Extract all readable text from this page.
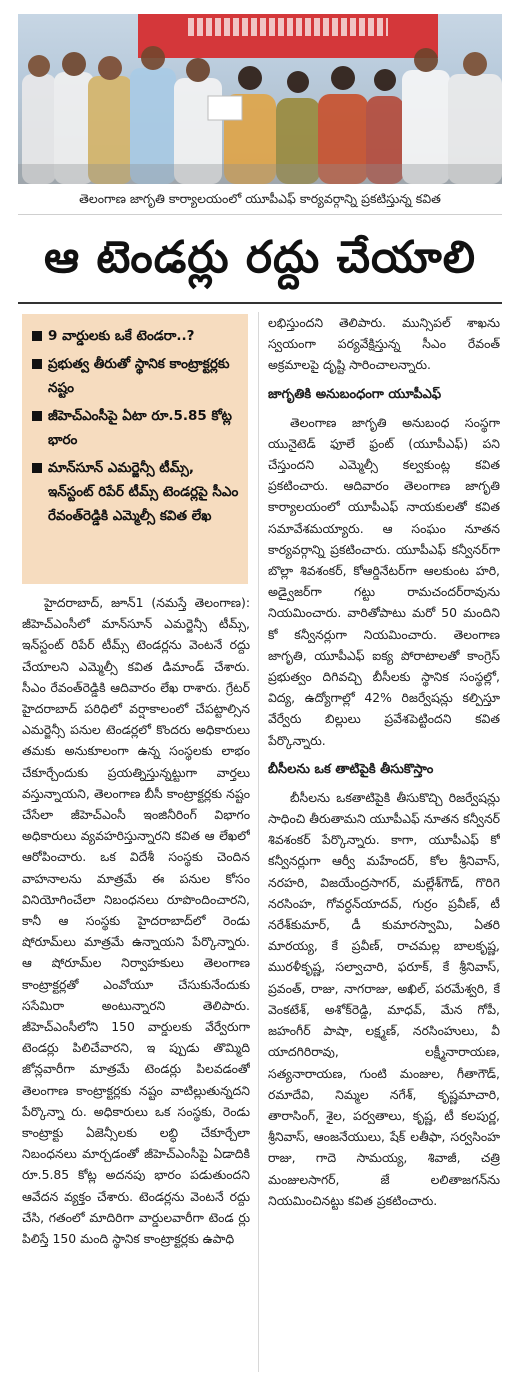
తెలంగాణ జాగృతి కార్యాలయంలో యూపీఎఫ్ కార్యవర్గాన్ని ప్రకటిస్తున్న కవిత
ఆ టెండర్లు రద్దు చేయాలి
9 వార్డులకు ఒకే టెండరా..?
ప్రభుత్వ తీరుతో స్థానిక కాంట్రాక్టర్లకు నష్టం
జీహెచ్ఎంసీపై ఏటా రూ.5.85 కోట్ల భారం
మాన్‌సూన్ ఎమర్జెన్సీ టీమ్స్, ఇన్‌స్టంట్ రిపేర్ టీమ్స్ టెండర్లపై సీఎం రేవంత్‌రెడ్డికి ఎమ్మెల్సీ కవిత లేఖ

హైదరాబాద్, జూన్1 (నమస్తే తెలంగాణ): జీహెచ్ఎంసీలో మాన్‌సూన్ ఎమర్జెన్సీ టీమ్స్, ఇన్‌స్టంట్ రిపేర్ టీమ్స్ టెండర్లను వెంటనే రద్దు చేయాలని ఎమ్మెల్సీ కవిత డిమాండ్ చేశారు. సీఎం రేవంత్‌రెడ్డికి ఆదివారం లేఖ రాశారు. గ్రేటర్ హైదరాబాద్ పరిధిలో వర్షాకాలంలో చేపట్టాల్సిన ఎమర్జెన్సీ పనుల టెండర్లలో కొందరు అధికారులు తమకు అనుకూలంగా ఉన్న సంస్థలకు లాభం చేకూర్చేందుకు ప్రయత్నిస్తున్నట్టుగా వార్తలు వస్తున్నాయని, తెలంగాణ బీసీ కాంట్రాక్టర్లకు నష్టం చేసేలా జీహెచ్ఎంసీ ఇంజినీరింగ్ విభాగం అధికారులు వ్యవహరిస్తున్నారని కవిత ఆ లేఖలో ఆరోపించారు. ఒక విదేశీ సంస్థకు చెందిన వాహనాలను మాత్రమే ఈ పనుల కోసం వినియోగించేలా నిబంధనలు రూపొందించారని, కానీ ఆ సంస్థకు హైదరాబాద్‌లో రెండు షోరూమ్‌లు మాత్రమే ఉన్నాయని పేర్కొన్నారు. ఆ షోరూమ్‌ల నిర్వాహకులు తెలంగాణ కాంట్రాక్టర్లతో ఎంవోయూ చేసుకునేందుకు ససేమిరా అంటున్నారని తెలిపారు. జీహెచ్ఎంసీలోని 150 వార్డులకు వేర్వేరుగా టెండర్లు పిలిచేవారని, ఇ ప్పుడు తొమ్మిది జోన్లవారీగా మాత్రమే టెండర్లు పిలవడంతో తెలంగాణ కాంట్రాక్టర్లకు నష్టం వాటిల్లుతున్నదని పేర్కొన్నా రు. అధికారులు ఒక సంస్థకు, రెండు కాంట్రాక్టు ఏజెన్సీలకు లబ్ధి చేకూర్చేలా నిబంధనలు మార్చడంతో జీహెచ్ఎంసీపై ఏడాదికి రూ.5.85 కోట్ల అదనపు భారం పడుతుందని ఆవేదన వ్యక్తం చేశారు. టెండర్లను వెంటనే రద్దు చేసి, గతంలో మాదిరిగా వార్డులవారీగా టెండ ర్లు పిలిస్తే 150 మంది స్థానిక కాంట్రాక్టర్లకు ఉపాధి

లభిస్తుందని తెలిపారు. మున్సిపల్ శాఖను స్వయంగా పర్యవేక్షిస్తున్న సీఎం రేవంత్ అక్రమాలపై దృష్టి సారించాలన్నారు.

జాగృతికి అనుబంధంగా యూపీఎఫ్

తెలంగాణ జాగృతి అనుబంధ సంస్థగా యునైటెడ్ ఫూలే ఫ్రంట్ (యూపీఎఫ్) పని చేస్తుందని ఎమ్మెల్సీ కల్వకుంట్ల కవిత ప్రకటించారు. ఆదివారం తెలంగాణ జాగృతి కార్యాలయంలో యూపీఎఫ్ నాయకులతో కవిత సమావేశమయ్యారు. ఆ సంఘం నూతన కార్యవర్గాన్ని ప్రకటించారు. యూపీఎఫ్ కన్వీనర్‌గా బొల్లా శివశంకర్, కోఆర్డినేటర్‌గా ఆలకుంట హరి, అడ్వైజర్‌గా గట్టు రామచందర్‌రావును నియమించారు. వారితోపాటు మరో 50 మందిని కో కన్వీనర్లుగా నియమించారు. తెలంగాణ జాగృతి, యూపీఎఫ్ ఐక్య పోరాటాలతో కాంగ్రెస్ ప్రభుత్వం దిగివచ్చి బీసీలకు స్థానిక సంస్థల్లో, విద్య, ఉద్యోగాల్లో 42% రిజర్వేషన్లు కల్పిస్తూ వేర్వేరు బిల్లులు ప్రవేశపెట్టిందని కవిత పేర్కొన్నారు.

బీసీలను ఒక తాటిపైకి తీసుకొస్తాం

బీసీలను ఒకతాటిపైకి తీసుకొచ్చి రిజర్వేషన్లు సాధించి తీరుతామని యూపీఎఫ్ నూతన కన్వీనర్ శివశంకర్ పేర్కొన్నారు. కాగా, యూపీఎఫ్ కో కన్వీనర్లుగా ఆర్వీ మహేందర్, కోల శ్రీనివాస్, నరహరి, విజయేంద్రసాగర్, మల్లేశ్‌గౌడ్, గొరిగె నరసింహ, గోవర్ధన్‌యాదవ్, గుర్రం ప్రవీణ్, టీ నరేశ్‌కుమార్, డీ కుమారస్వామి, ఏతరి మారయ్య, కే ప్రవీణ్, రాచమల్ల బాలకృష్ణ, మురళీకృష్ణ, సల్వాచారి, ఫరూక్, కే శ్రీనివాస్, ప్రవంత్, రాజు, నాగరాజు, అఖిల్, పరమేశ్వరి, కే వెంకటేశ్, అశోక్‌రెడ్డి, మాధవ్, మేన గోపీ, జహంగీర్ పాషా, లక్ష్మణ్, నరసింహులు, వీ యాదగిరిరావు, లక్ష్మీనారాయణ, సత్యనారాయణ, గుంటి మంజుల, గీతాగౌడ్, రమాదేవి, నిమ్మల నగేశ్, కృష్ణమాచారి, తారాసింగ్, శైల, పర్వతాలు, కృష్ణ, టీ కలపుర్ణ, శ్రీనివాస్, ఆంజనేయులు, షేక్ లతీఫా, సర్వసింహ రాజు, గాదె సామయ్య, శివాజీ, చత్రి మంజులసాగర్, జే లలితాజగన్‌ను నియమించినట్టు కవిత ప్రకటించారు.
